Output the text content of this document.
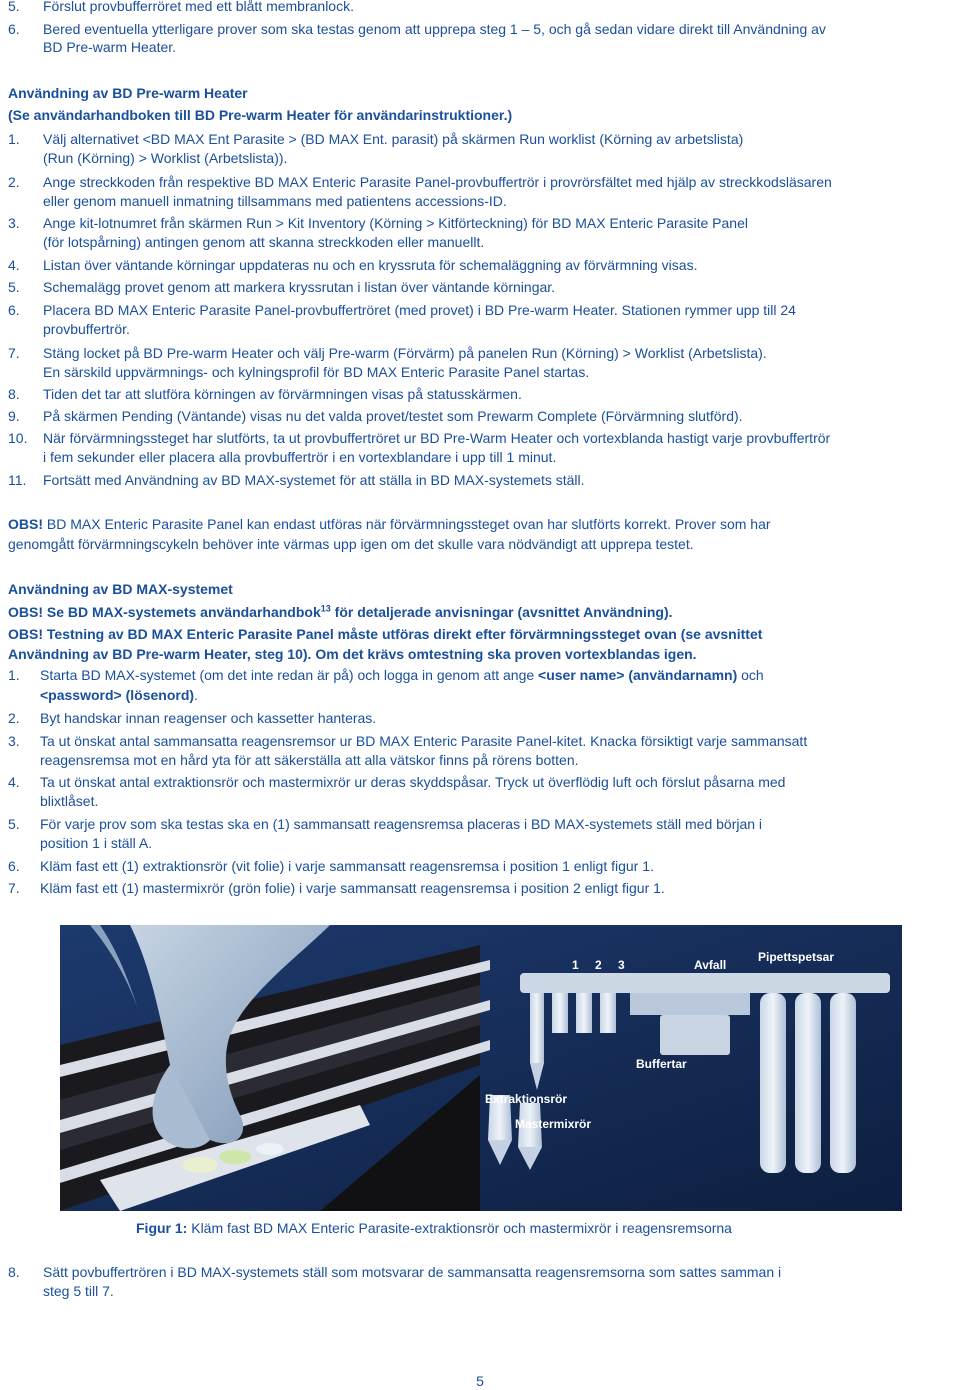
5. Förslut provbufferröret med ett blått membranlock.
6. Bered eventuella ytterligare prover som ska testas genom att upprepa steg 1 – 5, och gå sedan vidare direkt till Användning av
BD Pre-warm Heater.
Användning av BD Pre-warm Heater
(Se användarhandboken till BD Pre-warm Heater för användarinstruktioner.)
1. Välj alternativet <BD MAX Ent Parasite > (BD MAX Ent. parasit) på skärmen Run worklist (Körning av arbetslista)
(Run (Körning) > Worklist (Arbetslista)).
2. Ange streckkoden från respektive BD MAX Enteric Parasite Panel-provbuffertrör i provrörsfältet med hjälp av streckkodsläsaren
eller genom manuell inmatning tillsammans med patientens accessions-ID.
3. Ange kit-lotnumret från skärmen Run > Kit Inventory (Körning > Kitförteckning) för BD MAX Enteric Parasite Panel
(för lotspårning) antingen genom att skanna streckkoden eller manuellt.
4. Listan över väntande körningar uppdateras nu och en kryssruta för schemaläggning av förvärmning visas.
5. Schemalägg provet genom att markera kryssrutan i listan över väntande körningar.
6. Placera BD MAX Enteric Parasite Panel-provbuffertröret (med provet) i BD Pre-warm Heater. Stationen rymmer upp till 24
provbuffertrör.
7. Stäng locket på BD Pre-warm Heater och välj Pre-warm (Förvärm) på panelen Run (Körning) > Worklist (Arbetslista).
En särskild uppvärmnings- och kylningsprofil för BD MAX Enteric Parasite Panel startas.
8. Tiden det tar att slutföra körningen av förvärmningen visas på statusskärmen.
9. På skärmen Pending (Väntande) visas nu det valda provet/testet som Prewarm Complete (Förvärmning slutförd).
10. När förvärmningssteget har slutförts, ta ut provbuffertröret ur BD Pre-Warm Heater och vortexblanda hastigt varje provbuffertrör
i fem sekunder eller placera alla provbuffertrör i en vortexblandare i upp till 1 minut.
11. Fortsätt med Användning av BD MAX-systemet för att ställa in BD MAX-systemets ställ.
OBS! BD MAX Enteric Parasite Panel kan endast utföras när förvärmningssteget ovan har slutförts korrekt. Prover som har
genomgått förvärmningscykeln behöver inte värmas upp igen om det skulle vara nödvändigt att upprepa testet.
Användning av BD MAX-systemet
OBS! Se BD MAX-systemets användarhandbok$^{13}$ för detaljerade anvisningar (avsnittet Användning).
OBS! Testning av BD MAX Enteric Parasite Panel måste utföras direkt efter förvärmningssteget ovan (se avsnittet
Användning av BD Pre-warm Heater, steg 10). Om det krävs omtestning ska proven vortexblandas igen.
1. Starta BD MAX-systemet (om det inte redan är på) och logga in genom att ange <user name> (användarnamn) och
<password> (lösenord).
2. Byt handskar innan reagenser och kassetter hanteras.
3. Ta ut önskat antal sammansatta reagensremsor ur BD MAX Enteric Parasite Panel-kitet. Knacka försiktigt varje sammansatt
reagensremsa mot en hård yta för att säkerställa att alla vätskor finns på rörens botten.
4. Ta ut önskat antal extraktionsrör och mastermixrör ur deras skyddspåsar. Tryck ut överflödig luft och förslut påsarna med
blixtlåset.
5. För varje prov som ska testas ska en (1) sammansatt reagensremsa placeras i BD MAX-systemets ställ med början i
position 1 i ställ A.
6. Kläm fast ett (1) extraktionsrör (vit folie) i varje sammansatt reagensremsa i position 1 enligt figur 1.
7. Kläm fast ett (1) mastermixrör (grön folie) i varje sammansatt reagensremsa i position 2 enligt figur 1.
1 2 3	Avfall
Pipettspetsar
Buffertar
Extraktionsrör
Mastermixrör
Figur 1: Kläm fast BD MAX Enteric Parasite-extraktionsrör och mastermixrör i reagensremsorna
8. Sätt povbuffertrören i BD MAX-systemets ställ som motsvarar de sammansatta reagensremsorna som sattes samman i
steg 5 till 7.
5
